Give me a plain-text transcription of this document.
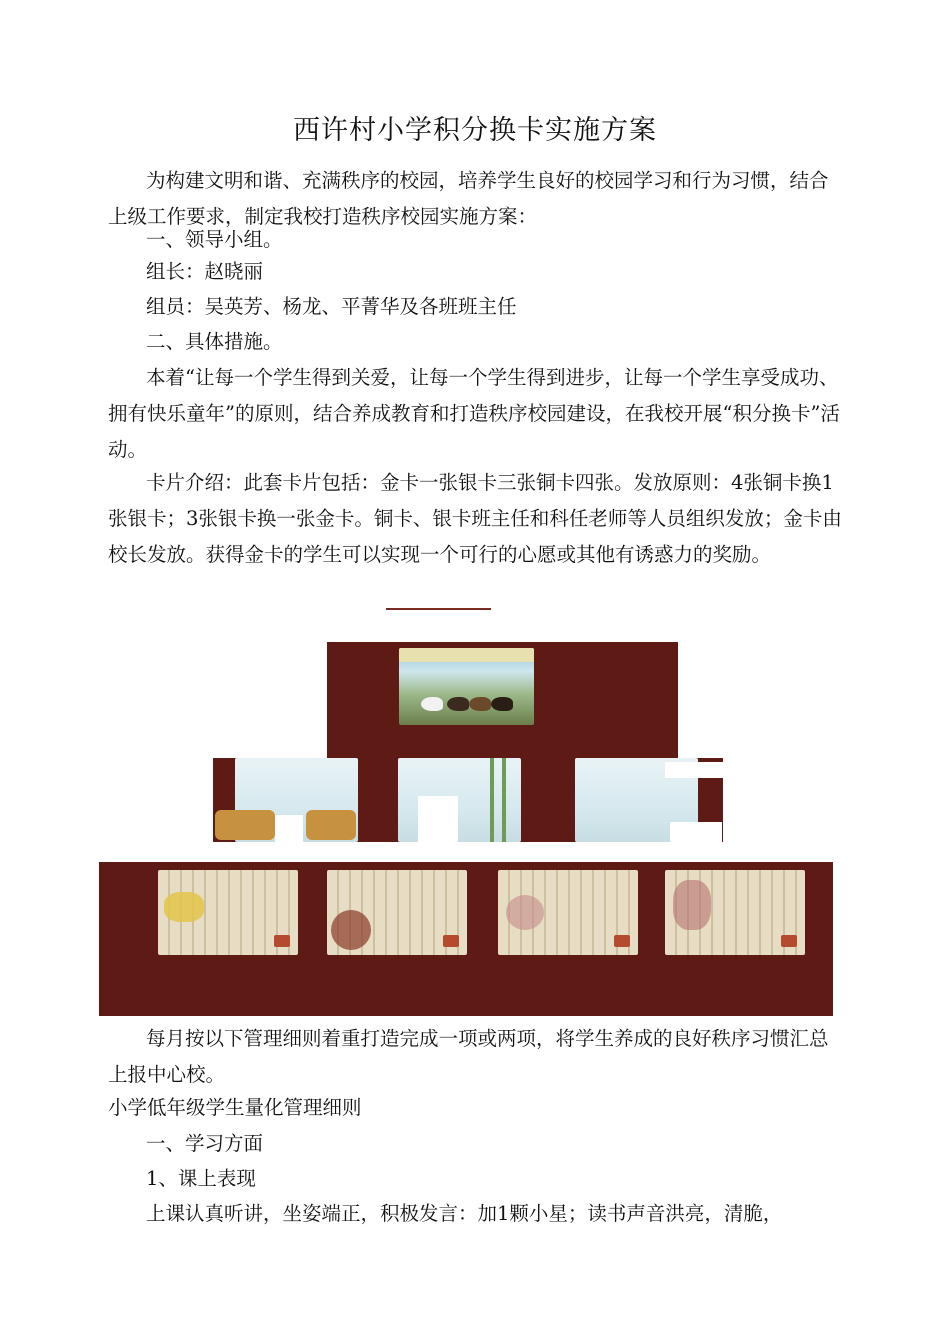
西许村小学积分换卡实施方案

为构建文明和谐、充满秩序的校园，培养学生良好的校园学习和行为习惯，结合上级工作要求，制定我校打造秩序校园实施方案：

一、领导小组。

组长：赵晓丽

组员：吴英芳、杨龙、平菁华及各班班主任

二、具体措施。

本着“让每一个学生得到关爱，让每一个学生得到进步，让每一个学生享受成功、拥有快乐童年”的原则，结合养成教育和打造秩序校园建设，在我校开展“积分换卡”活动。

卡片介绍：此套卡片包括：金卡一张银卡三张铜卡四张。发放原则：4张铜卡换1张银卡；3张银卡换一张金卡。铜卡、银卡班主任和科任老师等人员组织发放；金卡由校长发放。获得金卡的学生可以实现一个可行的心愿或其他有诱惑力的奖励。

每月按以下管理细则着重打造完成一项或两项，将学生养成的良好秩序习惯汇总上报中心校。

小学低年级学生量化管理细则

一、学习方面

1、课上表现

上课认真听讲，坐姿端正，积极发言：加1颗小星；读书声音洪亮，清脆，
